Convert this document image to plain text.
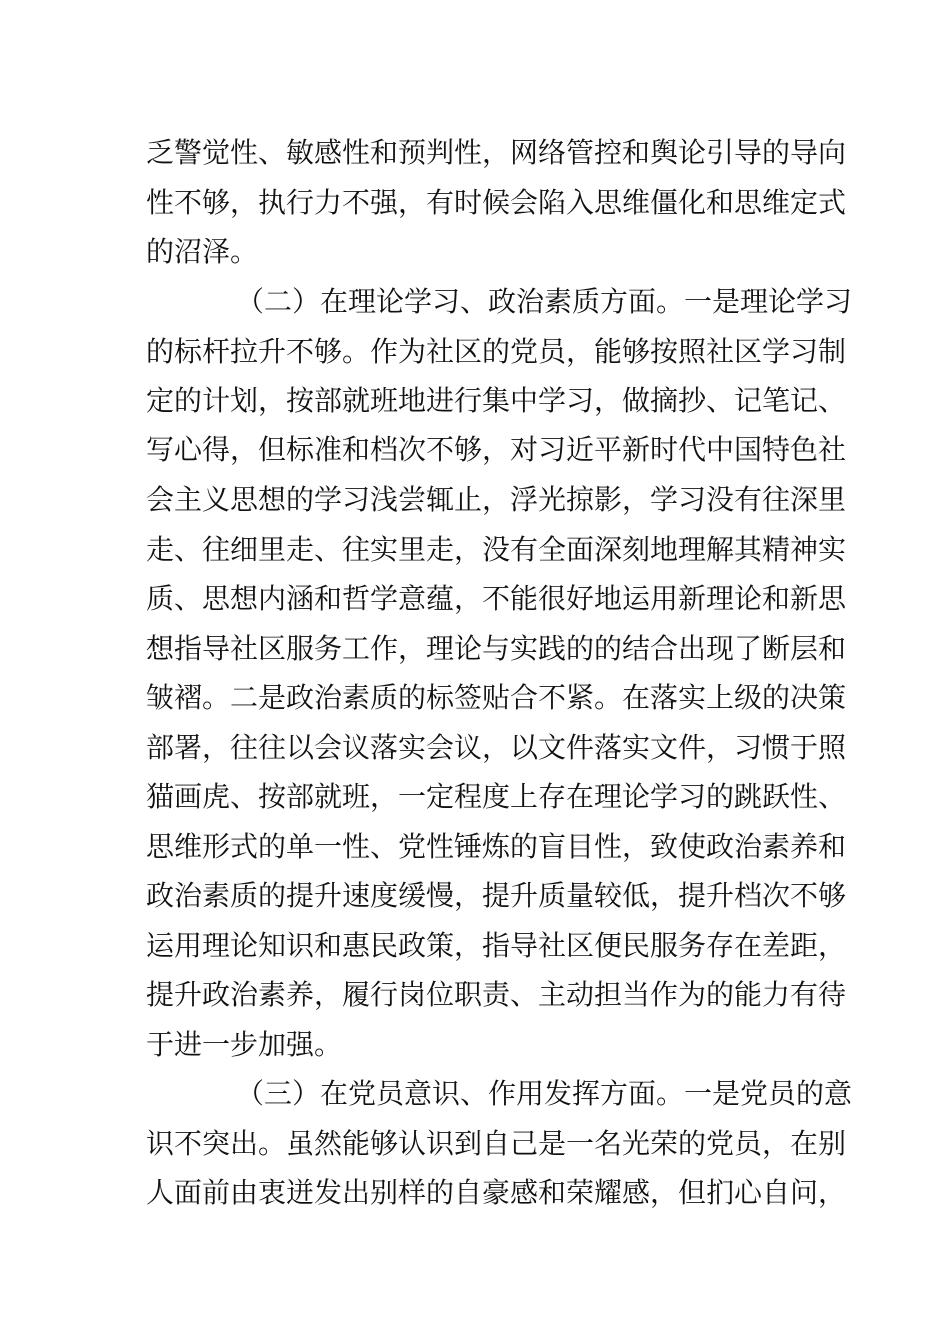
乏警觉性、敏感性和预判性，网络管控和舆论引导的导向
性不够，执行力不强，有时候会陷入思维僵化和思维定式
的沼泽。
（二）在理论学习、政治素质方面。一是理论学习
的标杆拉升不够。作为社区的党员，能够按照社区学习制
定的计划，按部就班地进行集中学习，做摘抄、记笔记、
写心得，但标准和档次不够，对习近平新时代中国特色社
会主义思想的学习浅尝辄止，浮光掠影，学习没有往深里
走、往细里走、往实里走，没有全面深刻地理解其精神实
质、思想内涵和哲学意蕴，不能很好地运用新理论和新思
想指导社区服务工作，理论与实践的的结合出现了断层和
皱褶。二是政治素质的标签贴合不紧。在落实上级的决策
部署，往往以会议落实会议，以文件落实文件，习惯于照
猫画虎、按部就班，一定程度上存在理论学习的跳跃性、
思维形式的单一性、党性锤炼的盲目性，致使政治素养和
政治素质的提升速度缓慢，提升质量较低，提升档次不够
运用理论知识和惠民政策，指导社区便民服务存在差距，
提升政治素养，履行岗位职责、主动担当作为的能力有待
于进一步加强。
（三）在党员意识、作用发挥方面。一是党员的意
识不突出。虽然能够认识到自己是一名光荣的党员，在别
人面前由衷迸发出别样的自豪感和荣耀感，但扪心自问，
